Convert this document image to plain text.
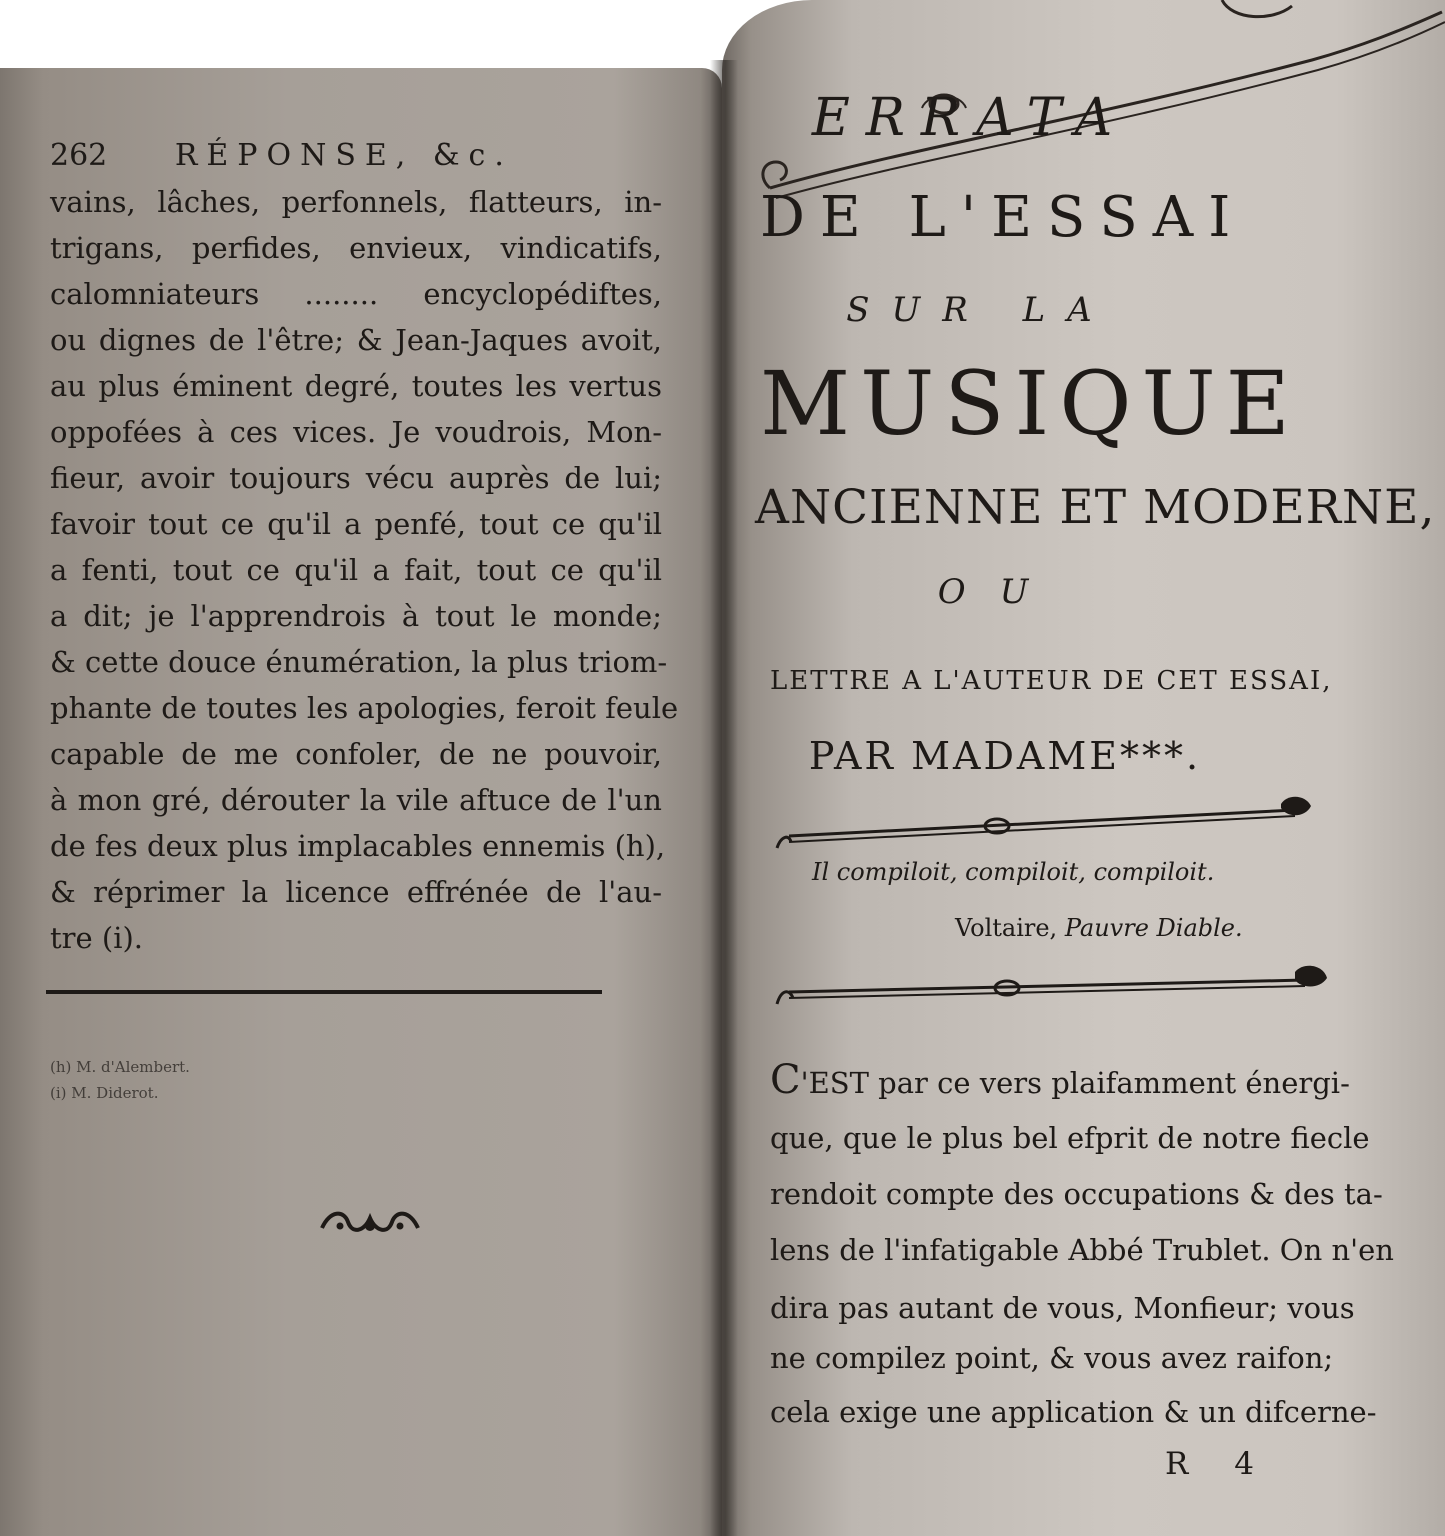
262 RÉPONSE, &c.
vains, lâches, perfonnels, flatteurs, in-
trigans, perfides, envieux, vindicatifs,
calomniateurs ........ encyclopédiftes,
ou dignes de l'être; & Jean-Jaques avoit,
au plus éminent degré, toutes les vertus
oppofées à ces vices. Je voudrois, Mon-
fieur, avoir toujours vécu auprès de lui;
favoir tout ce qu'il a penfé, tout ce qu'il
a fenti, tout ce qu'il a fait, tout ce qu'il
a dit; je l'apprendrois à tout le monde;
& cette douce énumération, la plus triom-
phante de toutes les apologies, feroit feule
capable de me confoler, de ne pouvoir,
à mon gré, dérouter la vile aftuce de l'un
de fes deux plus implacables ennemis (h),
& réprimer la licence effrénée de l'au-
tre (i).
(h) M. d'Alembert.
(i) M. Diderot.
ERRATA
DE L'ESSAI
SUR LA
MUSIQUE
ANCIENNE ET MODERNE,
OU
LETTRE A L'AUTEUR DE CET ESSAI,
PAR MADAME***.
Il compiloit, compiloit, compiloit.
Voltaire, Pauvre Diable.
C'EST par ce vers plaifamment énergi-
que, que le plus bel efprit de notre fiecle
rendoit compte des occupations & des ta-
lens de l'infatigable Abbé Trublet. On n'en
dira pas autant de vous, Monfieur; vous
ne compilez point, & vous avez raifon;
cela exige une application & un difcerne-
R 4
